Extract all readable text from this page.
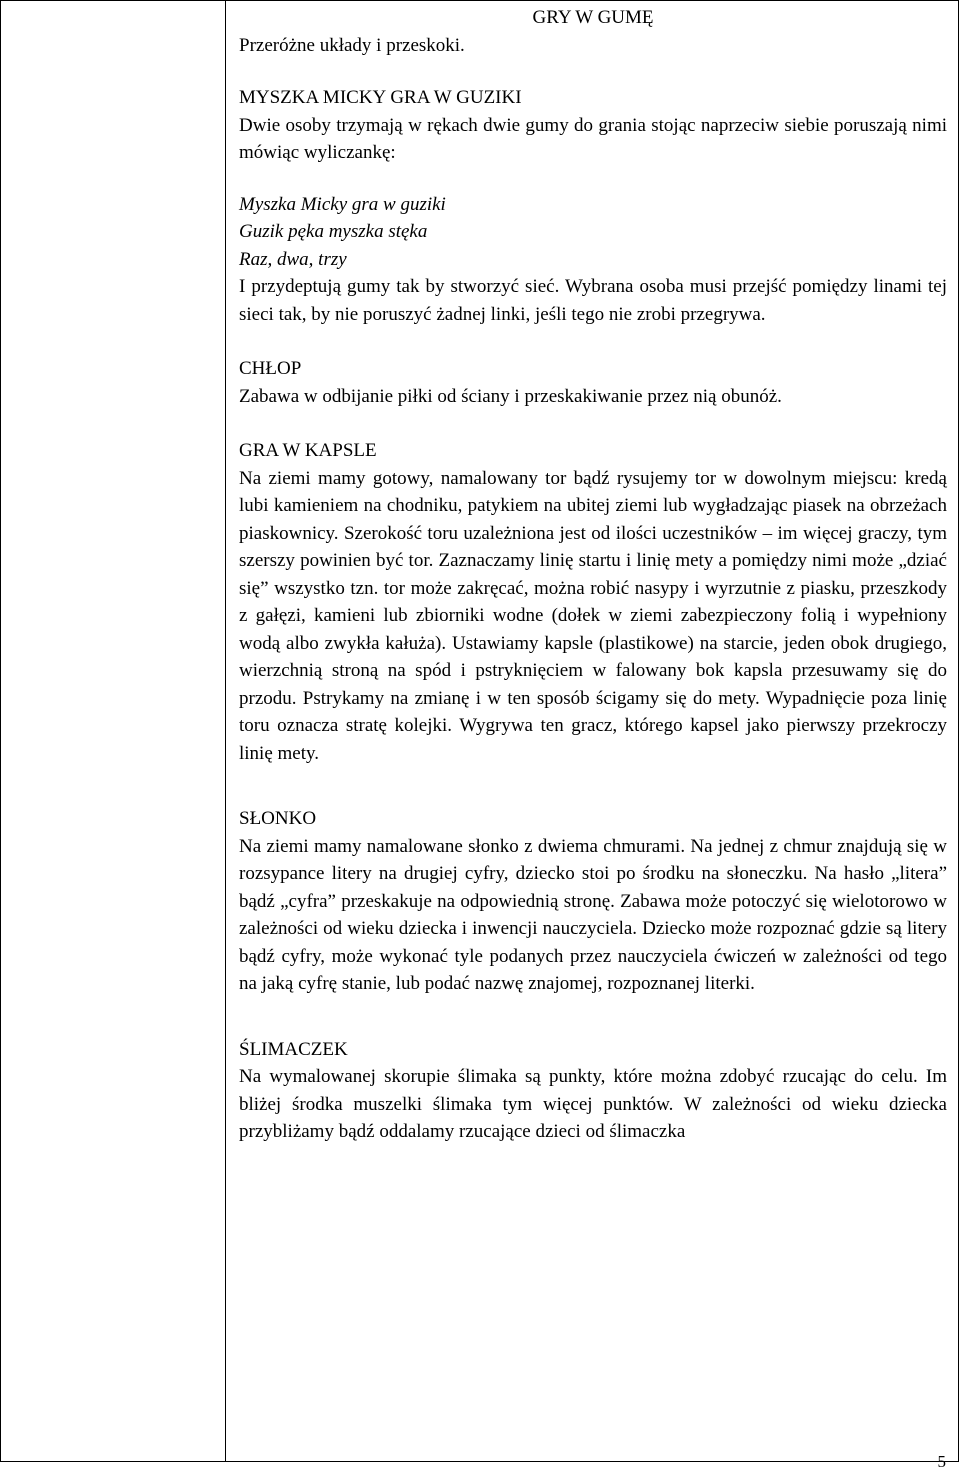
GRY W GUMĘ
Przeróżne układy i przeskoki.

MYSZKA MICKY GRA W GUZIKI

Dwie osoby trzymają w rękach dwie gumy do grania stojąc naprzeciw siebie poruszają nimi mówiąc wyliczankę:

Myszka Micky gra w guziki
Guzik pęka myszka stęka
Raz, dwa, trzy

I przydeptują gumy tak by stworzyć sieć. Wybrana osoba musi przejść pomiędzy linami tej sieci tak, by nie poruszyć żadnej linki, jeśli tego nie zrobi przegrywa.

CHŁOP

Zabawa w odbijanie piłki od ściany i przeskakiwanie przez nią obunóż.

GRA W KAPSLE

Na ziemi mamy gotowy, namalowany tor bądź rysujemy tor w dowolnym miejscu: kredą lubi kamieniem na chodniku, patykiem na ubitej ziemi lub wygładzając piasek na obrzeżach piaskownicy. Szerokość toru uzależniona jest od ilości uczestników – im więcej graczy, tym szerszy powinien być tor. Zaznaczamy linię startu i linię mety a pomiędzy nimi może „dziać się” wszystko tzn. tor może zakręcać, można robić nasypy i wyrzutnie z piasku, przeszkody z gałęzi, kamieni lub zbiorniki wodne (dołek w ziemi zabezpieczony folią i wypełniony wodą albo zwykła kałuża). Ustawiamy kapsle (plastikowe) na starcie, jeden obok drugiego, wierzchnią stroną na spód i pstryknięciem w falowany bok kapsla przesuwamy się do przodu. Pstrykamy na zmianę i w ten sposób ścigamy się do mety. Wypadnięcie poza linię toru oznacza stratę kolejki. Wygrywa ten gracz, którego kapsel jako pierwszy przekroczy linię mety.

SŁONKO

Na ziemi mamy namalowane słonko z dwiema chmurami. Na jednej z chmur znajdują się w rozsypance litery na drugiej cyfry, dziecko stoi po środku na słoneczku. Na hasło „litera” bądź „cyfra” przeskakuje na odpowiednią stronę. Zabawa może potoczyć się wielotorowo w zależności od wieku dziecka i inwencji nauczyciela. Dziecko może rozpoznać gdzie są litery bądź cyfry, może wykonać tyle podanych przez nauczyciela ćwiczeń w zależności od tego na jaką cyfrę stanie, lub podać nazwę znajomej, rozpoznanej literki.

ŚLIMACZEK

Na wymalowanej skorupie ślimaka są punkty, które można zdobyć rzucając do celu. Im bliżej środka muszelki ślimaka tym więcej punktów. W zależności od wieku dziecka przybliżamy bądź oddalamy rzucające dzieci od ślimaczka

5
